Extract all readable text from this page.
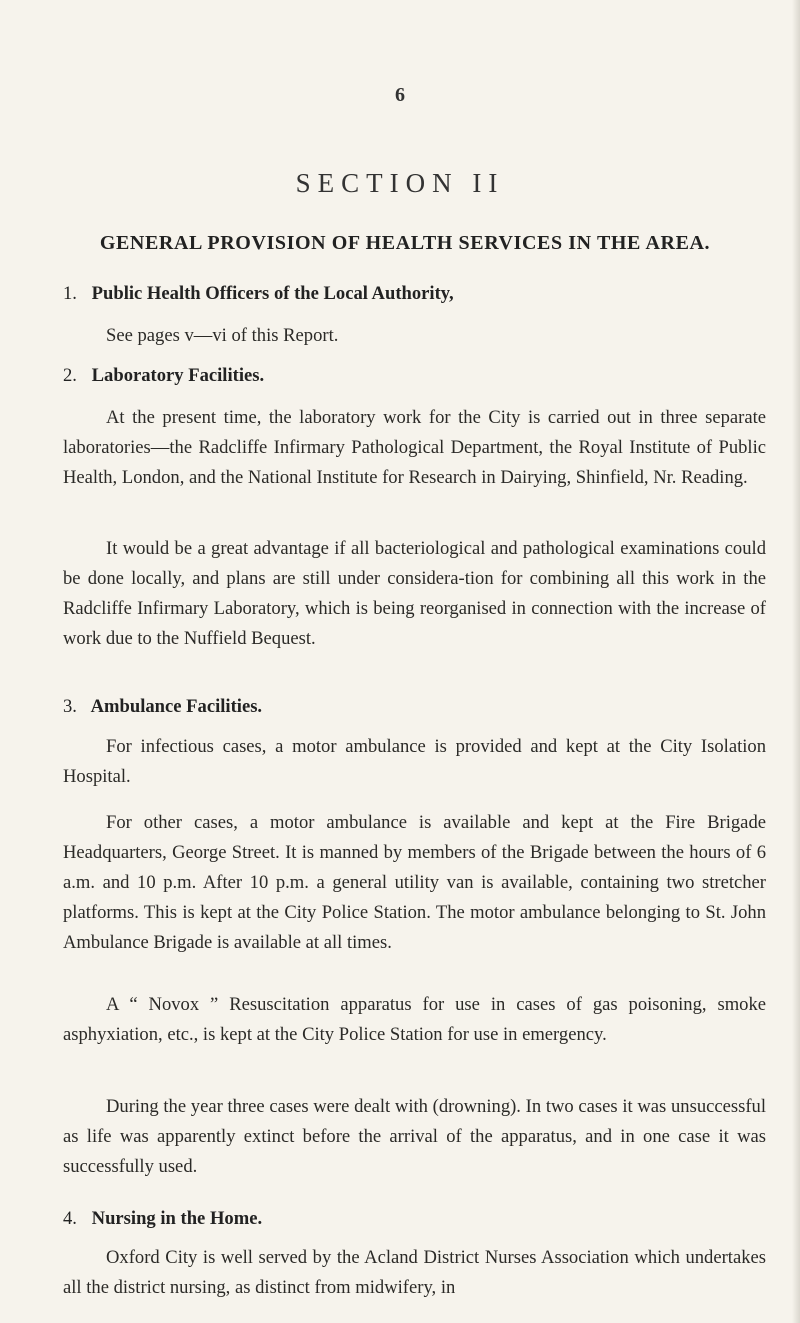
6
SECTION II
GENERAL PROVISION OF HEALTH SERVICES IN THE AREA.
1. Public Health Officers of the Local Authority,

See pages v—vi of this Report.

2. Laboratory Facilities.

At the present time, the laboratory work for the City is carried out in three separate laboratories—the Radcliffe Infirmary Pathological Department, the Royal Institute of Public Health, London, and the National Institute for Research in Dairying, Shinfield, Nr. Reading.

It would be a great advantage if all bacteriological and pathological examinations could be done locally, and plans are still under considera-tion for combining all this work in the Radcliffe Infirmary Laboratory, which is being reorganised in connection with the increase of work due to the Nuffield Bequest.

3. Ambulance Facilities.

For infectious cases, a motor ambulance is provided and kept at the City Isolation Hospital.

For other cases, a motor ambulance is available and kept at the Fire Brigade Headquarters, George Street. It is manned by members of the Brigade between the hours of 6 a.m. and 10 p.m. After 10 p.m. a general utility van is available, containing two stretcher platforms. This is kept at the City Police Station. The motor ambulance belonging to St. John Ambulance Brigade is available at all times.

A “ Novox ” Resuscitation apparatus for use in cases of gas poisoning, smoke asphyxiation, etc., is kept at the City Police Station for use in emergency.

During the year three cases were dealt with (drowning). In two cases it was unsuccessful as life was apparently extinct before the arrival of the apparatus, and in one case it was successfully used.

4. Nursing in the Home.

Oxford City is well served by the Acland District Nurses Association which undertakes all the district nursing, as distinct from midwifery, in
